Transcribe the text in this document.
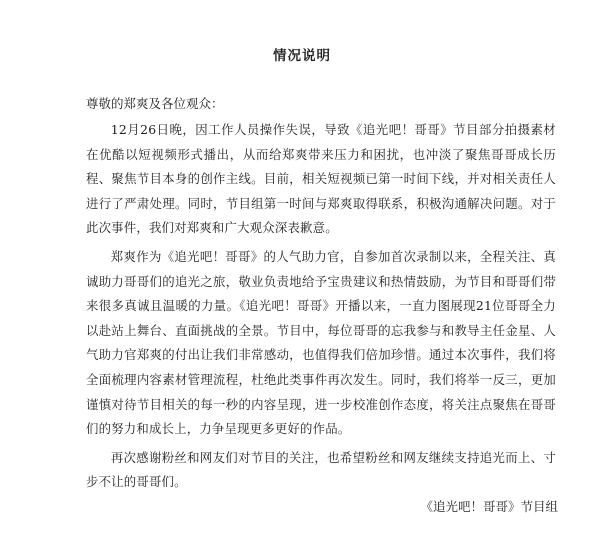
情况说明

尊敬的郑爽及各位观众：

12月26日晚，因工作人员操作失误，导致《追光吧！哥哥》节目部分拍摄素材在优酷以短视频形式播出，从而给郑爽带来压力和困扰，也冲淡了聚焦哥哥成长历程、聚焦节目本身的创作主线。目前，相关短视频已第一时间下线，并对相关责任人进行了严肃处理。同时，节目组第一时间与郑爽取得联系，积极沟通解决问题。对于此次事件，我们对郑爽和广大观众深表歉意。

郑爽作为《追光吧！哥哥》的人气助力官，自参加首次录制以来，全程关注、真诚助力哥哥们的追光之旅，敬业负责地给予宝贵建议和热情鼓励，为节目和哥哥们带来很多真诚且温暖的力量。《追光吧！哥哥》开播以来，一直力图展现21位哥哥全力以赴站上舞台、直面挑战的全景。节目中，每位哥哥的忘我参与和教导主任金星、人气助力官郑爽的付出让我们非常感动，也值得我们倍加珍惜。通过本次事件，我们将全面梳理内容素材管理流程，杜绝此类事件再次发生。同时，我们将举一反三，更加谨慎对待节目相关的每一秒的内容呈现，进一步校准创作态度，将关注点聚焦在哥哥们的努力和成长上，力争呈现更多更好的作品。

再次感谢粉丝和网友们对节目的关注，也希望粉丝和网友继续支持追光而上、寸步不让的哥哥们。

《追光吧！哥哥》节目组
